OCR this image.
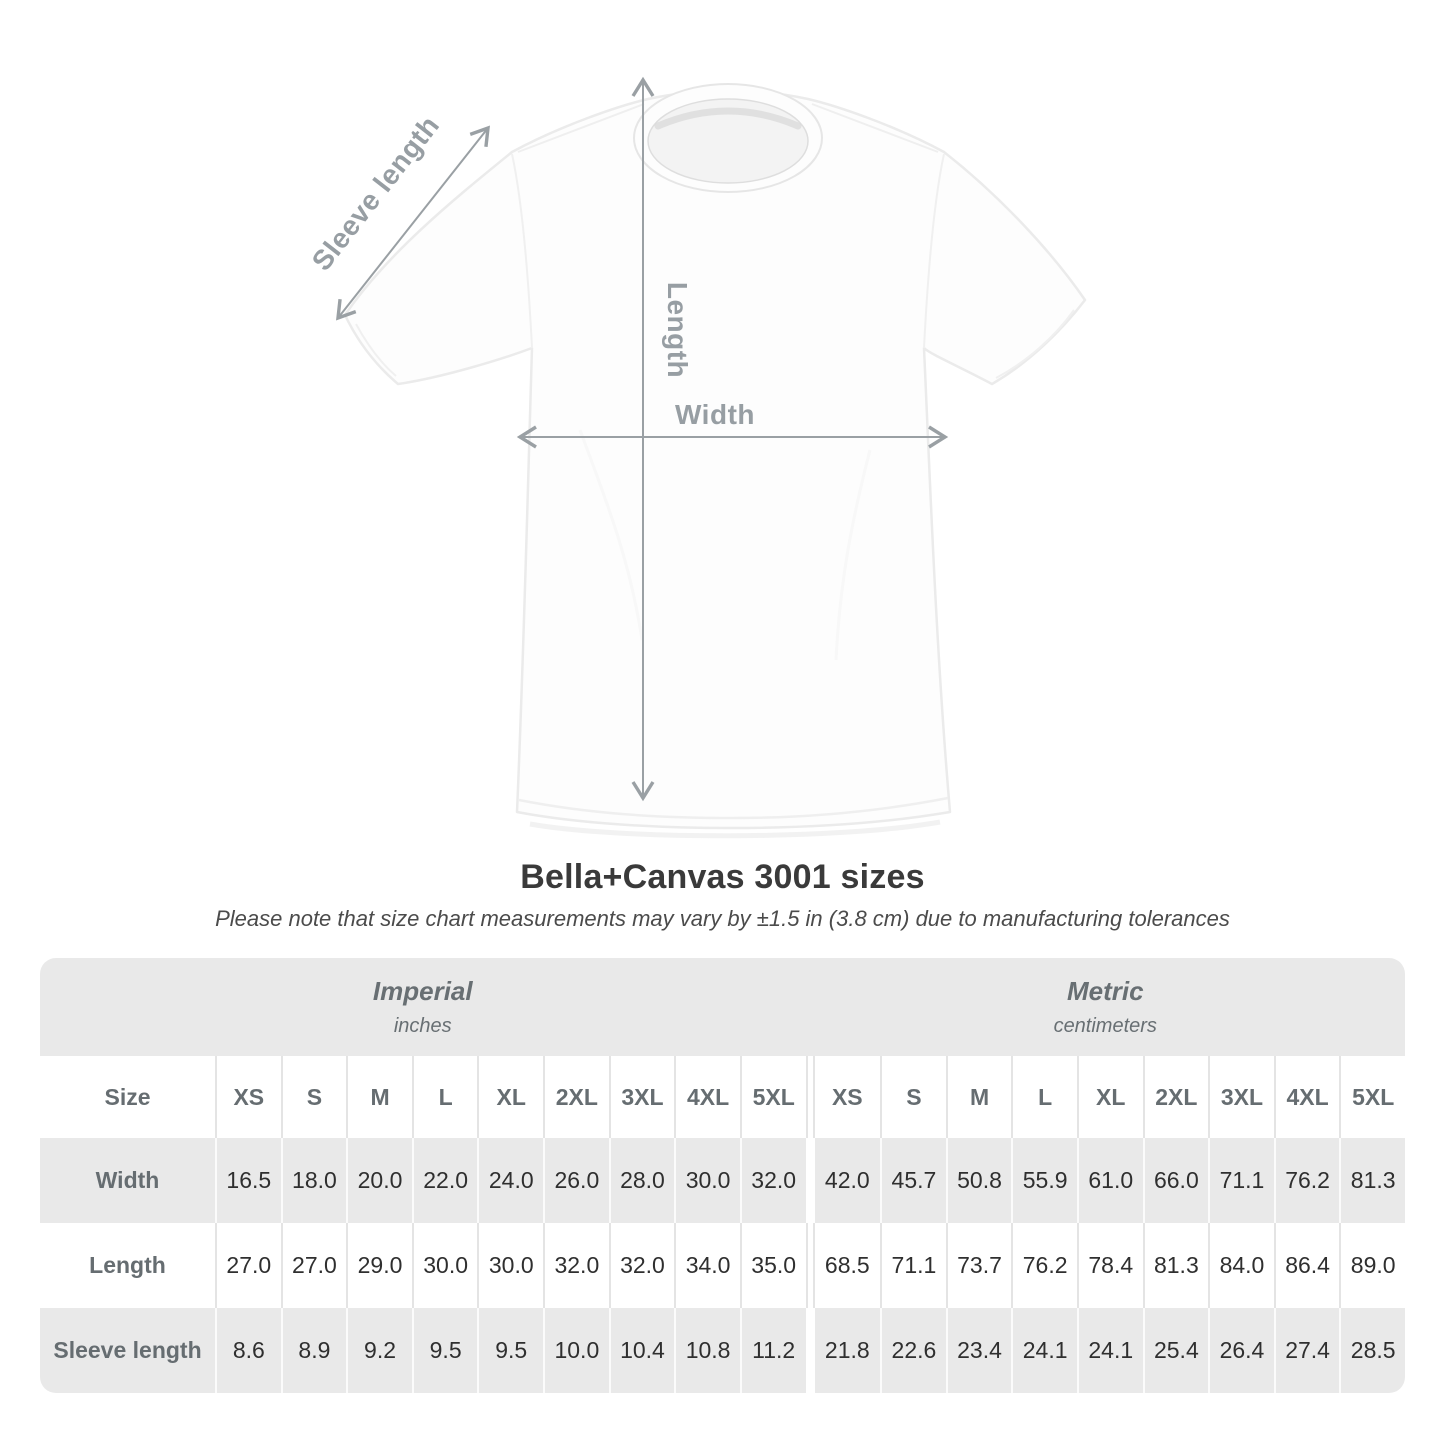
Sleeve length
Length
Width
Bella+Canvas 3001 sizes

Please note that size chart measurements may vary by ±1.5 in (3.8 cm) due to manufacturing tolerances

Imperial
inches
Metric
centimeters
Size	XS	S	M	L	XL	2XL	3XL	4XL	5XL	XS	S	M	L	XL	2XL	3XL	4XL	5XL
Width	16.5 18.0 20.0 22.0 24.0 26.0 28.0 30.0 32.0	42.0 45.7 50.8 55.9 61.0 66.0 71.1 76.2 81.3
Length	27.0 27.0 29.0 30.0 30.0 32.0 32.0 34.0 35.0	68.5 71.1 73.7 76.2 78.4 81.3 84.0 86.4 89.0
Sleeve length	8.6	8.9	9.2	9.5	9.5	10.0 10.4 10.8 11.2	21.8 22.6 23.4 24.1 24.1 25.4 26.4 27.4 28.5
